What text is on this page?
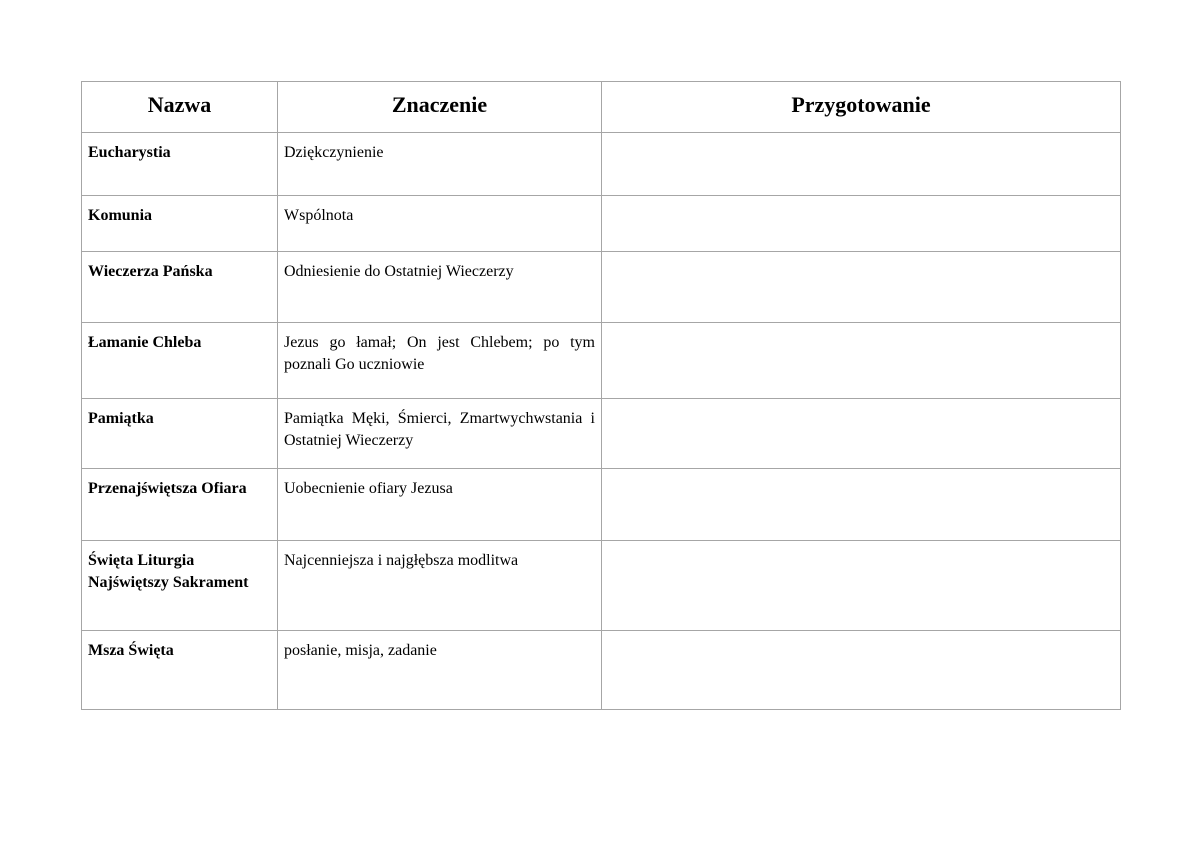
Nazwa	Znaczenie	Przygotowanie

Eucharystia	Dziękczynienie	

Komunia	Wspólnota	

Wieczerza Pańska	Odniesienie do Ostatniej Wieczerzy	

Łamanie Chleba	Jezus go łamał; On jest Chlebem; po tym poznali Go uczniowie	

Pamiątka	Pamiątka Męki, Śmierci, Zmartwychwstania i Ostatniej Wieczerzy	

Przenajświętsza Ofiara	Uobecnienie ofiary Jezusa	

Święta Liturgia
Najświętszy Sakrament	Najcenniejsza i najgłębsza modlitwa	

Msza Święta	posłanie, misja, zadanie	
